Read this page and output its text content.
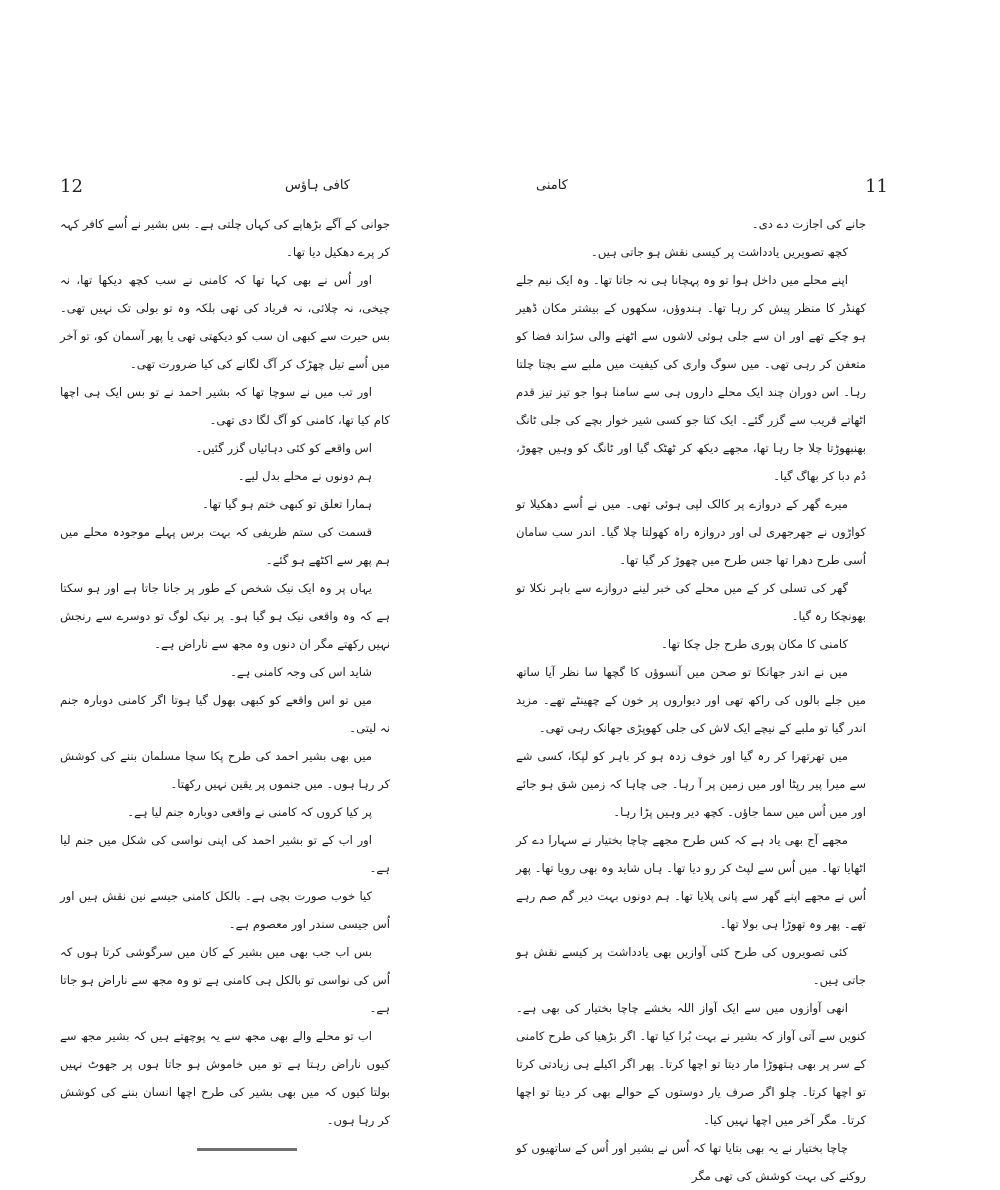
12	کافی ہاؤس

جوانی کے آگے بڑھاپے کی کہاں چلتی ہے۔ بس بشیر نے اُسے کافر کہہ کر پرے دھکیل دیا تھا۔

اور اُس نے بھی کہا تھا کہ کامنی نے سب کچھ دیکھا تھا، نہ چیخی، نہ چلائی، نہ فریاد کی تھی بلکہ وہ تو بولی تک نہیں تھی۔ بس حیرت سے کبھی ان سب کو دیکھتی تھی یا پھر آسمان کو، تو آخر میں اُسے تیل چھڑک کر آگ لگانے کی کیا ضرورت تھی۔

اور تب میں نے سوچا تھا کہ بشیر احمد نے تو بس ایک ہی اچھا کام کیا تھا، کامنی کو آگ لگا دی تھی۔

اس واقعے کو کئی دہائیاں گزر گئیں۔

ہم دونوں نے محلے بدل لیے۔

ہمارا تعلق تو کبھی ختم ہو گیا تھا۔

قسمت کی ستم ظریفی کہ بہت برس پہلے موجودہ محلے میں ہم پھر سے اکٹھے ہو گئے۔

یہاں پر وہ ایک نیک شخص کے طور پر جانا جاتا ہے اور ہو سکتا ہے کہ وہ واقعی نیک ہو گیا ہو۔ پر نیک لوگ تو دوسرے سے رنجش نہیں رکھتے مگر ان دنوں وہ مجھ سے ناراض ہے۔

شاید اس کی وجہ کامنی ہے۔

میں تو اس واقعے کو کبھی بھول گیا ہوتا اگر کامنی دوبارہ جنم نہ لیتی۔

میں بھی بشیر احمد کی طرح پکا سچا مسلمان بننے کی کوشش کر رہا ہوں۔ میں جنموں پر یقین نہیں رکھتا۔

پر کیا کروں کہ کامنی نے واقعی دوبارہ جنم لیا ہے۔

اور اب کے تو بشیر احمد کی اپنی نواسی کی شکل میں جنم لیا ہے۔

کیا خوب صورت بچی ہے۔ بالکل کامنی جیسے نین نقش ہیں اور اُس جیسی سندر اور معصوم ہے۔

بس اب جب بھی میں بشیر کے کان میں سرگوشی کرتا ہوں کہ اُس کی نواسی تو بالکل ہی کامنی ہے تو وہ مجھ سے ناراض ہو جاتا ہے۔

اب تو محلے والے بھی مجھ سے یہ پوچھتے ہیں کہ بشیر مجھ سے کیوں ناراض رہتا ہے تو میں خاموش ہو جاتا ہوں پر جھوٹ نہیں بولتا کیوں کہ میں بھی بشیر کی طرح اچھا انسان بننے کی کوشش کر رہا ہوں۔

کامنی	11

جانے کی اجازت دے دی۔

کچھ تصویریں یادداشت پر کیسی نقش ہو جاتی ہیں۔

اپنے محلے میں داخل ہوا تو وہ پہچانا ہی نہ جاتا تھا۔ وہ ایک نیم جلے کھنڈر کا منظر پیش کر رہا تھا۔ ہندوؤں، سکھوں کے بیشتر مکان ڈھیر ہو چکے تھے اور ان سے جلی ہوئی لاشوں سے اٹھنے والی سڑاند فضا کو متعفن کر رہی تھی۔ میں سوگ واری کی کیفیت میں ملبے سے بچتا چلتا رہا۔ اس دوران چند ایک محلے داروں ہی سے سامنا ہوا جو تیز تیز قدم اٹھاتے قریب سے گزر گئے۔ ایک کتا جو کسی شیر خوار بچے کی جلی ٹانگ بھنبھوڑتا چلا جا رہا تھا، مجھے دیکھ کر ٹھٹک گیا اور ٹانگ کو وہیں چھوڑ، دُم دبا کر بھاگ گیا۔

میرے گھر کے دروازے پر کالک لپی ہوئی تھی۔ میں نے اُسے دھکیلا تو کواڑوں نے جھرجھری لی اور دروازہ راہ کھولتا چلا گیا۔ اندر سب سامان اُسی طرح دھرا تھا جس طرح میں چھوڑ کر گیا تھا۔

گھر کی تسلی کر کے میں محلے کی خبر لینے دروازے سے باہر نکلا تو بھونچکا رہ گیا۔

کامنی کا مکان پوری طرح جل چکا تھا۔

میں نے اندر جھانکا تو صحن میں آنسوؤں کا گچھا سا نظر آیا ساتھ میں جلے بالوں کی راکھ تھی اور دیواروں پر خون کے چھینٹے تھے۔ مزید اندر گیا تو ملبے کے نیچے ایک لاش کی جلی کھوپڑی جھانک رہی تھی۔

میں تھرتھرا کر رہ گیا اور خوف زدہ ہو کر باہر کو لپکا، کسی شے سے میرا پیر رپٹا اور میں زمین پر آ رہا۔ جی چاہا کہ زمین شق ہو جائے اور میں اُس میں سما جاؤں۔ کچھ دیر وہیں پڑا رہا۔

مجھے آج بھی یاد ہے کہ کس طرح مجھے چاچا بختیار نے سہارا دے کر اٹھایا تھا۔ میں اُس سے لپٹ کر رو دیا تھا۔ ہاں شاید وہ بھی رویا تھا۔ پھر اُس نے مجھے اپنے گھر سے پانی پلایا تھا۔ ہم دونوں بہت دیر گم صم رہے تھے۔ پھر وہ تھوڑا ہی بولا تھا۔

کئی تصویروں کی طرح کئی آوازیں بھی یادداشت پر کیسے نقش ہو جاتی ہیں۔

انھی آوازوں میں سے ایک آواز اللہ بخشے چاچا بختیار کی بھی ہے۔ کنویں سے آتی آواز کہ بشیر نے بہت بُرا کیا تھا۔ اگر بڑھیا کی طرح کامنی کے سر پر بھی ہتھوڑا مار دیتا تو اچھا کرتا۔ پھر اگر اکیلے ہی زیادتی کرتا تو اچھا کرتا۔ چلو اگر صرف یار دوستوں کے حوالے بھی کر دیتا تو اچھا کرتا۔ مگر آخر میں اچھا نہیں کیا۔

چاچا بختیار نے یہ بھی بتایا تھا کہ اُس نے بشیر اور اُس کے ساتھیوں کو روکنے کی بہت کوشش کی تھی مگر
